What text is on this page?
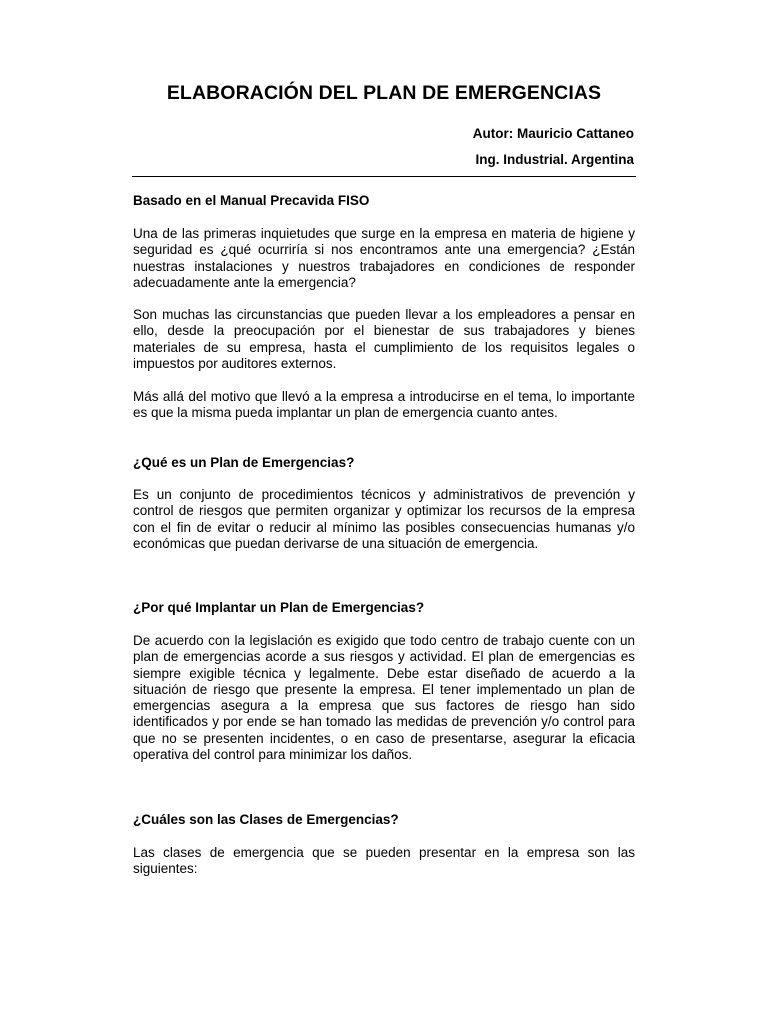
ELABORACIÓN DEL PLAN DE EMERGENCIAS
Autor: Mauricio Cattaneo
Ing. Industrial. Argentina
Basado en el Manual Precavida FISO
Una de las primeras inquietudes que surge en la empresa en materia de higiene y seguridad es ¿qué ocurriría si nos encontramos ante una emergencia? ¿Están nuestras instalaciones y nuestros trabajadores en condiciones de responder adecuadamente ante la emergencia?
Son muchas las circunstancias que pueden llevar a los empleadores a pensar en ello, desde la preocupación por el bienestar de sus trabajadores y bienes materiales de su empresa, hasta el cumplimiento de los requisitos legales o impuestos por auditores externos.
Más allá del motivo que llevó a la empresa a introducirse en el tema, lo importante es que la misma pueda implantar un plan de emergencia cuanto antes.
¿Qué es un Plan de Emergencias?
Es un conjunto de procedimientos técnicos y administrativos de prevención y control de riesgos que permiten organizar y optimizar los recursos de la empresa con el fin de evitar o reducir al mínimo las posibles consecuencias humanas y/o económicas que puedan derivarse de una situación de emergencia.
¿Por qué Implantar un Plan de Emergencias?
De acuerdo con la legislación es exigido que todo centro de trabajo cuente con un plan de emergencias acorde a sus riesgos y actividad. El plan de emergencias es siempre exigible técnica y legalmente. Debe estar diseñado de acuerdo a la situación de riesgo que presente la empresa. El tener implementado un plan de emergencias asegura a la empresa que sus factores de riesgo han sido identificados y por ende se han tomado las medidas de prevención y/o control para que no se presenten incidentes, o en caso de presentarse, asegurar la eficacia operativa del control para minimizar los daños.
¿Cuáles son las Clases de Emergencias?
Las clases de emergencia que se pueden presentar en la empresa son las siguientes:
